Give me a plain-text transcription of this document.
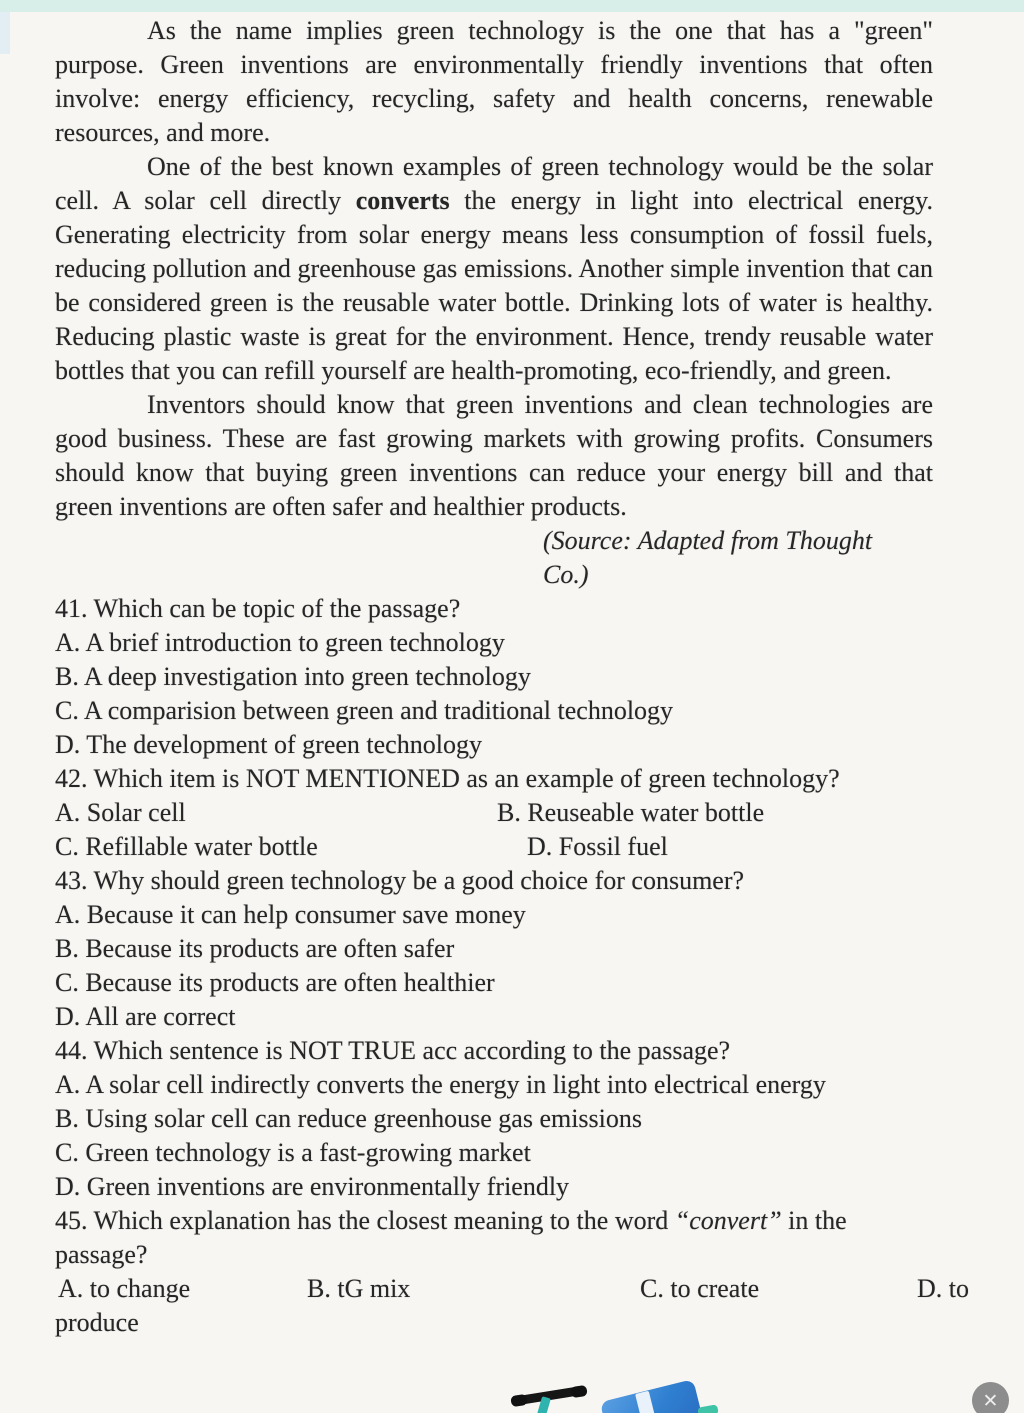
As the name implies green technology is the one that has a "green" purpose. Green inventions are environmentally friendly inventions that often involve: energy efficiency, recycling, safety and health concerns, renewable resources, and more.

One of the best known examples of green technology would be the solar cell. A solar cell directly converts the energy in light into electrical energy. Generating electricity from solar energy means less consumption of fossil fuels, reducing pollution and greenhouse gas emissions. Another simple invention that can be considered green is the reusable water bottle. Drinking lots of water is healthy. Reducing plastic waste is great for the environment. Hence, trendy reusable water bottles that you can refill yourself are health-promoting, eco-friendly, and green.

Inventors should know that green inventions and clean technologies are good business. These are fast growing markets with growing profits. Consumers should know that buying green inventions can reduce your energy bill and that green inventions are often safer and healthier products.

(Source: Adapted from Thought
Co.)
41. Which can be topic of the passage?
A. A brief introduction to green technology
B. A deep investigation into green technology
C. A comparision between green and traditional technology
D. The development of green technology
42. Which item is NOT MENTIONED as an example of green technology?
A. Solar cell	B. Reuseable water bottle
C. Refillable water bottle	D. Fossil fuel
43. Why should green technology be a good choice for consumer?
A. Because it can help consumer save money
B. Because its products are often safer
C. Because its products are often healthier
D. All are correct
44. Which sentence is NOT TRUE acc according to the passage?
A. A solar cell indirectly converts the energy in light into electrical energy
B. Using solar cell can reduce greenhouse gas emissions
C. Green technology is a fast-growing market
D. Green inventions are environmentally friendly
45. Which explanation has the closest meaning to the word “convert” in the
passage?
A. to change	B. tG mix	C. to create	D. to
produce
✕
